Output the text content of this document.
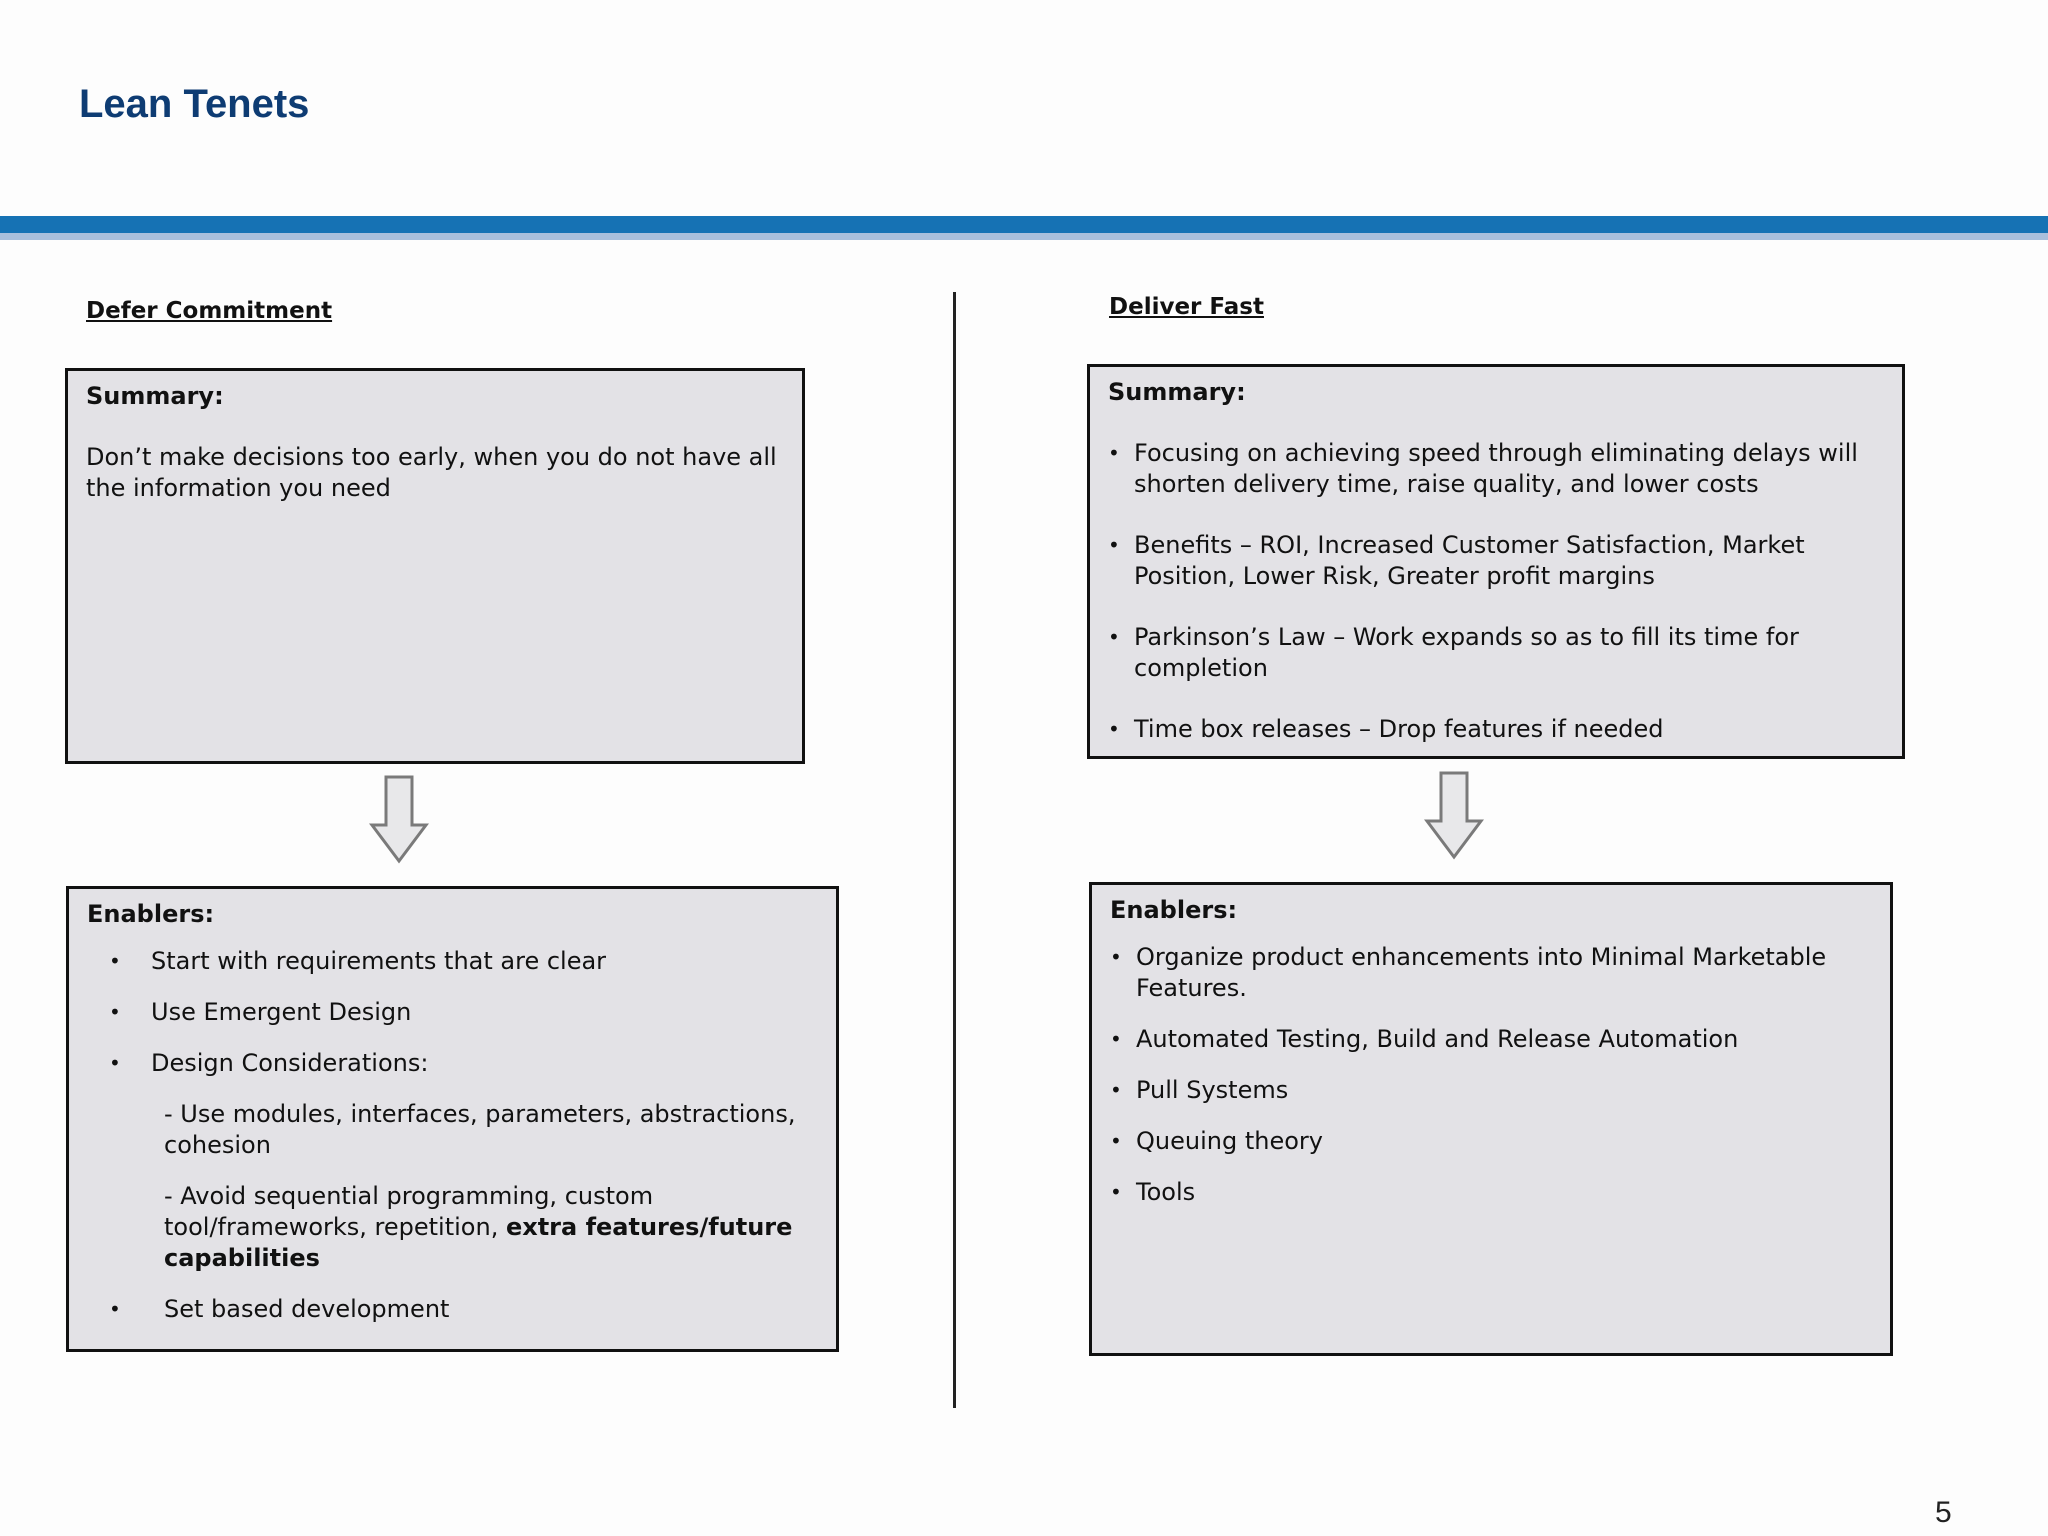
Lean Tenets
Defer Commitment
Summary:

Don’t make decisions too early, when you do not have all the information you need

Enablers:
• Start with requirements that are clear
• Use Emergent Design
• Design Considerations:
- Use modules, interfaces, parameters, abstractions, cohesion
- Avoid sequential programming, custom tool/frameworks, repetition, extra features/future capabilities
• Set based development
Deliver Fast
Summary:
• Focusing on achieving speed through eliminating delays will shorten delivery time, raise quality, and lower costs
• Benefits – ROI, Increased Customer Satisfaction, Market Position, Lower Risk, Greater profit margins
• Parkinson’s Law – Work expands so as to fill its time for completion
• Time box releases – Drop features if needed
Enablers:
• Organize product enhancements into Minimal Marketable Features.
• Automated Testing, Build and Release Automation
• Pull Systems
• Queuing theory
• Tools
5
